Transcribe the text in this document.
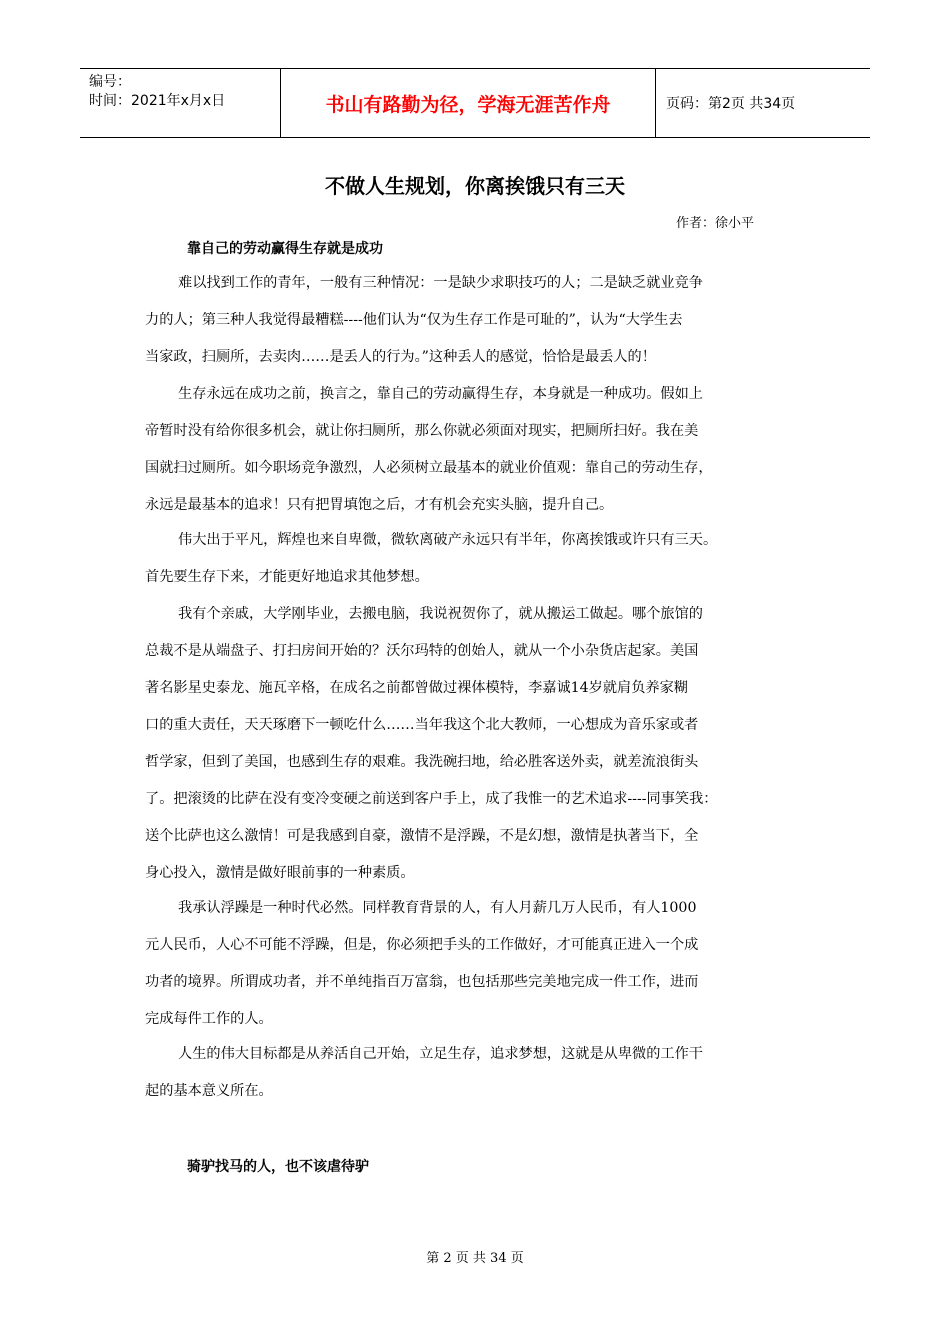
编号：
时间：2021年x月x日	书山有路勤为径，学海无涯苦作舟	页码：第2页 共34页
不做人生规划，你离挨饿只有三天
作者：徐小平
靠自己的劳动赢得生存就是成功
难以找到工作的青年，一般有三种情况：一是缺少求职技巧的人；二是缺乏就业竞争
力的人；第三种人我觉得最糟糕----他们认为“仅为生存工作是可耻的”，认为“大学生去
当家政，扫厕所，去卖肉……是丢人的行为。”这种丢人的感觉，恰恰是最丢人的！
生存永远在成功之前，换言之，靠自己的劳动赢得生存，本身就是一种成功。假如上
帝暂时没有给你很多机会，就让你扫厕所，那么你就必须面对现实，把厕所扫好。我在美
国就扫过厕所。如今职场竞争激烈，人必须树立最基本的就业价值观：靠自己的劳动生存，
永远是最基本的追求！只有把胃填饱之后，才有机会充实头脑，提升自己。
伟大出于平凡，辉煌也来自卑微，微软离破产永远只有半年，你离挨饿或许只有三天。
首先要生存下来，才能更好地追求其他梦想。
我有个亲戚，大学刚毕业，去搬电脑，我说祝贺你了，就从搬运工做起。哪个旅馆的
总裁不是从端盘子、打扫房间开始的？沃尔玛特的创始人，就从一个小杂货店起家。美国
著名影星史泰龙、施瓦辛格，在成名之前都曾做过裸体模特，李嘉诚14岁就肩负养家糊
口的重大责任，天天琢磨下一顿吃什么……当年我这个北大教师，一心想成为音乐家或者
哲学家，但到了美国，也感到生存的艰难。我洗碗扫地，给必胜客送外卖，就差流浪街头
了。把滚烫的比萨在没有变冷变硬之前送到客户手上，成了我惟一的艺术追求----同事笑我：
送个比萨也这么激情！可是我感到自豪，激情不是浮躁，不是幻想，激情是执著当下，全
身心投入，激情是做好眼前事的一种素质。
我承认浮躁是一种时代必然。同样教育背景的人，有人月薪几万人民币，有人1000
元人民币，人心不可能不浮躁，但是，你必须把手头的工作做好，才可能真正进入一个成
功者的境界。所谓成功者，并不单纯指百万富翁，也包括那些完美地完成一件工作，进而
完成每件工作的人。
人生的伟大目标都是从养活自己开始，立足生存，追求梦想，这就是从卑微的工作干
起的基本意义所在。
骑驴找马的人，也不该虐待驴
第 2 页 共 34 页
